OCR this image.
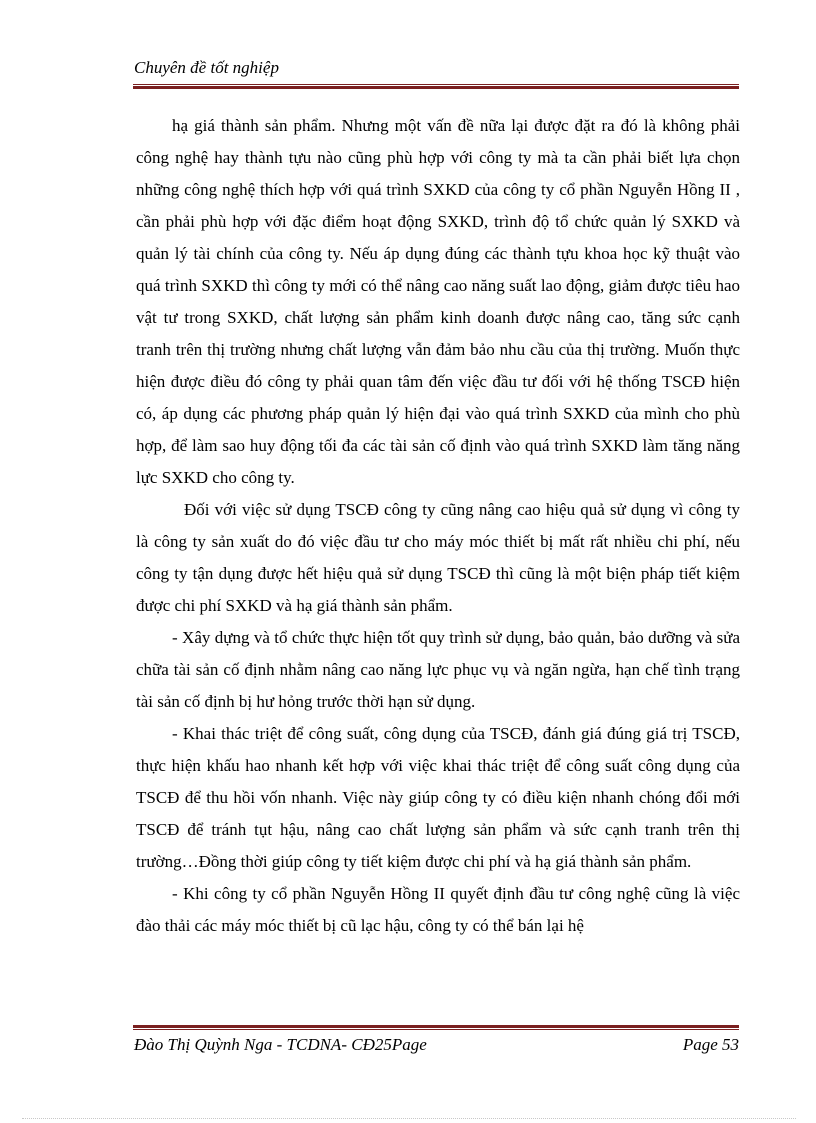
Chuyên đề tốt nghiệp

hạ giá thành sản phẩm. Nhưng một vấn đề nữa lại được đặt ra đó là không phải công nghệ hay thành tựu nào cũng phù hợp với công ty mà ta cần phải biết lựa chọn những công nghệ thích hợp với quá trình SXKD của công ty cổ phần Nguyễn Hồng II , cần phải phù hợp với đặc điểm hoạt động SXKD, trình độ tổ chức quản lý SXKD và quản lý tài chính của công ty. Nếu áp dụng đúng các thành tựu khoa học kỹ thuật vào quá trình SXKD thì công ty mới có thể nâng cao năng suất lao động, giảm được tiêu hao vật tư trong SXKD, chất lượng sản phẩm kinh doanh được nâng cao, tăng sức cạnh tranh trên thị trường nhưng chất lượng vẫn đảm bảo nhu cầu của thị trường. Muốn thực hiện được điều đó công ty phải quan tâm đến việc đầu tư đối với hệ thống TSCĐ hiện có, áp dụng các phương pháp quản lý hiện đại vào quá trình SXKD của mình cho phù hợp, để làm sao huy động tối đa các tài sản cố định vào quá trình SXKD làm tăng năng lực SXKD cho công ty.

Đối với việc sử dụng TSCĐ công ty cũng nâng cao hiệu quả sử dụng vì công ty là công ty sản xuất do đó việc đầu tư cho máy móc thiết bị mất rất nhiều chi phí, nếu công ty tận dụng được hết hiệu quả sử dụng TSCĐ thì cũng là một biện pháp tiết kiệm được chi phí SXKD và hạ giá thành sản phẩm.

- Xây dựng và tổ chức thực hiện tốt quy trình sử dụng, bảo quản, bảo dưỡng và sửa chữa tài sản cố định nhằm nâng cao năng lực phục vụ và ngăn ngừa, hạn chế tình trạng tài sản cố định bị hư hỏng trước thời hạn sử dụng.

- Khai thác triệt để công suất, công dụng của TSCĐ, đánh giá đúng giá trị TSCĐ, thực hiện khấu hao nhanh kết hợp với việc khai thác triệt để công suất công dụng của TSCĐ để thu hồi vốn nhanh. Việc này giúp công ty có điều kiện nhanh chóng đổi mới TSCĐ để tránh tụt hậu, nâng cao chất lượng sản phẩm và sức cạnh tranh trên thị trường…Đồng thời giúp công ty tiết kiệm được chi phí và hạ giá thành sản phẩm.

- Khi công ty cổ phần Nguyễn Hồng II quyết định đầu tư công nghệ cũng là việc đào thải các máy móc thiết bị cũ lạc hậu, công ty có thể bán lại hệ

Đào Thị Quỳnh Nga - TCDNA- CĐ25Page	Page 53
